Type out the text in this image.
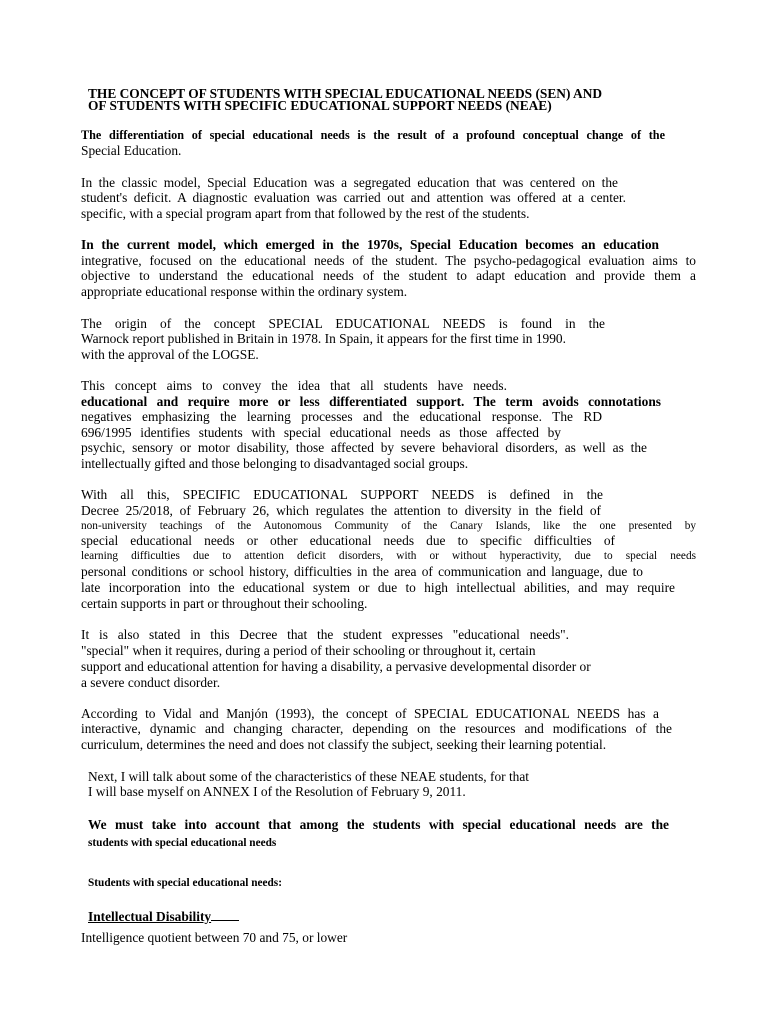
THE CONCEPT OF STUDENTS WITH SPECIAL EDUCATIONAL NEEDS (SEN) AND
OF STUDENTS WITH SPECIFIC EDUCATIONAL SUPPORT NEEDS (NEAE)
The differentiation of special educational needs is the result of a profound conceptual change of the
Special Education.
In the classic model, Special Education was a segregated education that was centered on the
student's deficit. A diagnostic evaluation was carried out and attention was offered at a center.
specific, with a special program apart from that followed by the rest of the students.
In the current model, which emerged in the 1970s, Special Education becomes an education
integrative, focused on the educational needs of the student. The psycho-pedagogical evaluation aims to
objective to understand the educational needs of the student to adapt education and provide them a
appropriate educational response within the ordinary system.
The origin of the concept SPECIAL EDUCATIONAL NEEDS is found in the
Warnock report published in Britain in 1978. In Spain, it appears for the first time in 1990.
with the approval of the LOGSE.
This concept aims to convey the idea that all students have needs.
educational and require more or less differentiated support. The term avoids connotations
negatives emphasizing the learning processes and the educational response. The RD
696/1995 identifies students with special educational needs as those affected by
psychic, sensory or motor disability, those affected by severe behavioral disorders, as well as the
intellectually gifted and those belonging to disadvantaged social groups.
With all this, SPECIFIC EDUCATIONAL SUPPORT NEEDS is defined in the
Decree 25/2018, of February 26, which regulates the attention to diversity in the field of
non-university teachings of the Autonomous Community of the Canary Islands, like the one presented by
special educational needs or other educational needs due to specific difficulties of
learning difficulties due to attention deficit disorders, with or without hyperactivity, due to special needs
personal conditions or school history, difficulties in the area of communication and language, due to
late incorporation into the educational system or due to high intellectual abilities, and may require
certain supports in part or throughout their schooling.
It is also stated in this Decree that the student expresses "educational needs".
"special" when it requires, during a period of their schooling or throughout it, certain
support and educational attention for having a disability, a pervasive developmental disorder or
a severe conduct disorder.
According to Vidal and Manjón (1993), the concept of SPECIAL EDUCATIONAL NEEDS has a
interactive, dynamic and changing character, depending on the resources and modifications of the
curriculum, determines the need and does not classify the subject, seeking their learning potential.
Next, I will talk about some of the characteristics of these NEAE students, for that
I will base myself on ANNEX I of the Resolution of February 9, 2011.
We must take into account that among the students with special educational needs are the
students with special educational needs
Students with special educational needs:
Intellectual Disability
Intelligence quotient between 70 and 75, or lower
